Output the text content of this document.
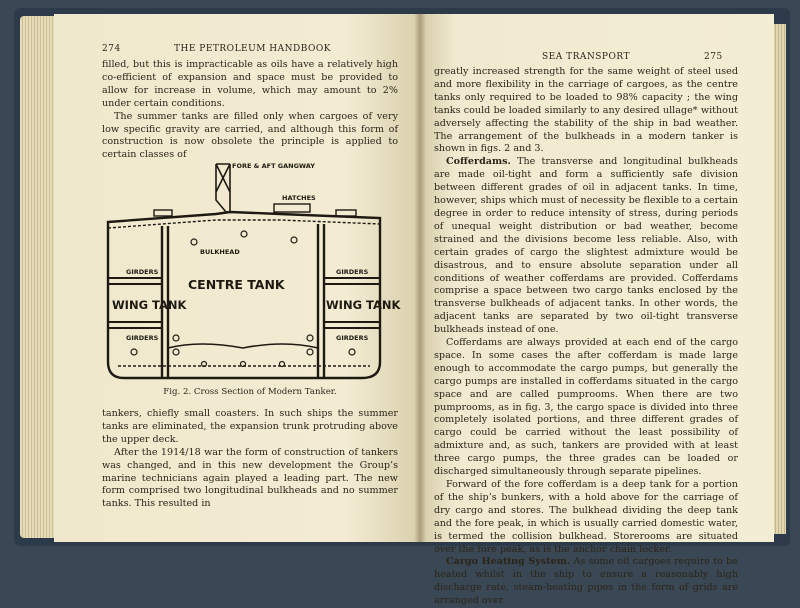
274	THE PETROLEUM HANDBOOK

filled, but this is impracticable as oils have a relatively high co-efficient of expansion and space must be provided to allow for increase in volume, which may amount to 2% under certain conditions.

The summer tanks are filled only when cargoes of very low specific gravity are carried, and although this form of construction is now obsolete the principle is applied to certain classes of

FORE & AFT GANGWAY
HATCHES
BULKHEAD
GIRDERS	GIRDERS
CENTRE TANK
WING TANK	WING TANK
GIRDERS	GIRDERS
Fig. 2. Cross Section of Modern Tanker.

tankers, chiefly small coasters. In such ships the summer tanks are eliminated, the expansion trunk protruding above the upper deck.

After the 1914/18 war the form of construction of tankers was changed, and in this new development the Group’s marine technicians again played a leading part. The new form comprised two longitudinal bulkheads and no summer tanks. This resulted in

SEA TRANSPORT	275

greatly increased strength for the same weight of steel used and more flexibility in the carriage of cargoes, as the centre tanks only required to be loaded to 98% capacity ; the wing tanks could be loaded similarly to any desired ullage* without adversely affecting the stability of the ship in bad weather. The arrangement of the bulkheads in a modern tanker is shown in figs. 2 and 3.

Cofferdams. The transverse and longitudinal bulkheads are made oil-tight and form a sufficiently safe division between different grades of oil in adjacent tanks. In time, however, ships which must of necessity be flexible to a certain degree in order to reduce intensity of stress, during periods of unequal weight distribution or bad weather, become strained and the divisions become less reliable. Also, with certain grades of cargo the slightest admixture would be disastrous, and to ensure absolute separation under all conditions of weather cofferdams are provided. Cofferdams comprise a space between two cargo tanks enclosed by the transverse bulkheads of adjacent tanks. In other words, the adjacent tanks are separated by two oil-tight transverse bulkheads instead of one.

Cofferdams are always provided at each end of the cargo space. In some cases the after cofferdam is made large enough to accommodate the cargo pumps, but generally the cargo pumps are installed in cofferdams situated in the cargo space and are called pumprooms. When there are two pumprooms, as in fig. 3, the cargo space is divided into three completely isolated portions, and three different grades of cargo could be carried without the least possibility of admixture and, as such, tankers are provided with at least three cargo pumps, the three grades can be loaded or discharged simultaneously through separate pipelines.

Forward of the fore cofferdam is a deep tank for a portion of the ship’s bunkers, with a hold above for the carriage of dry cargo and stores. The bulkhead dividing the deep tank and the fore peak, in which is usually carried domestic water, is termed the collision bulkhead. Storerooms are situated over the fore peak, as is the anchor chain locker.

Cargo Heating System. As some oil cargoes require to be heated whilst in the ship to ensure a reasonably high discharge rate, steam-heating pipes in the form of grids are arranged over
